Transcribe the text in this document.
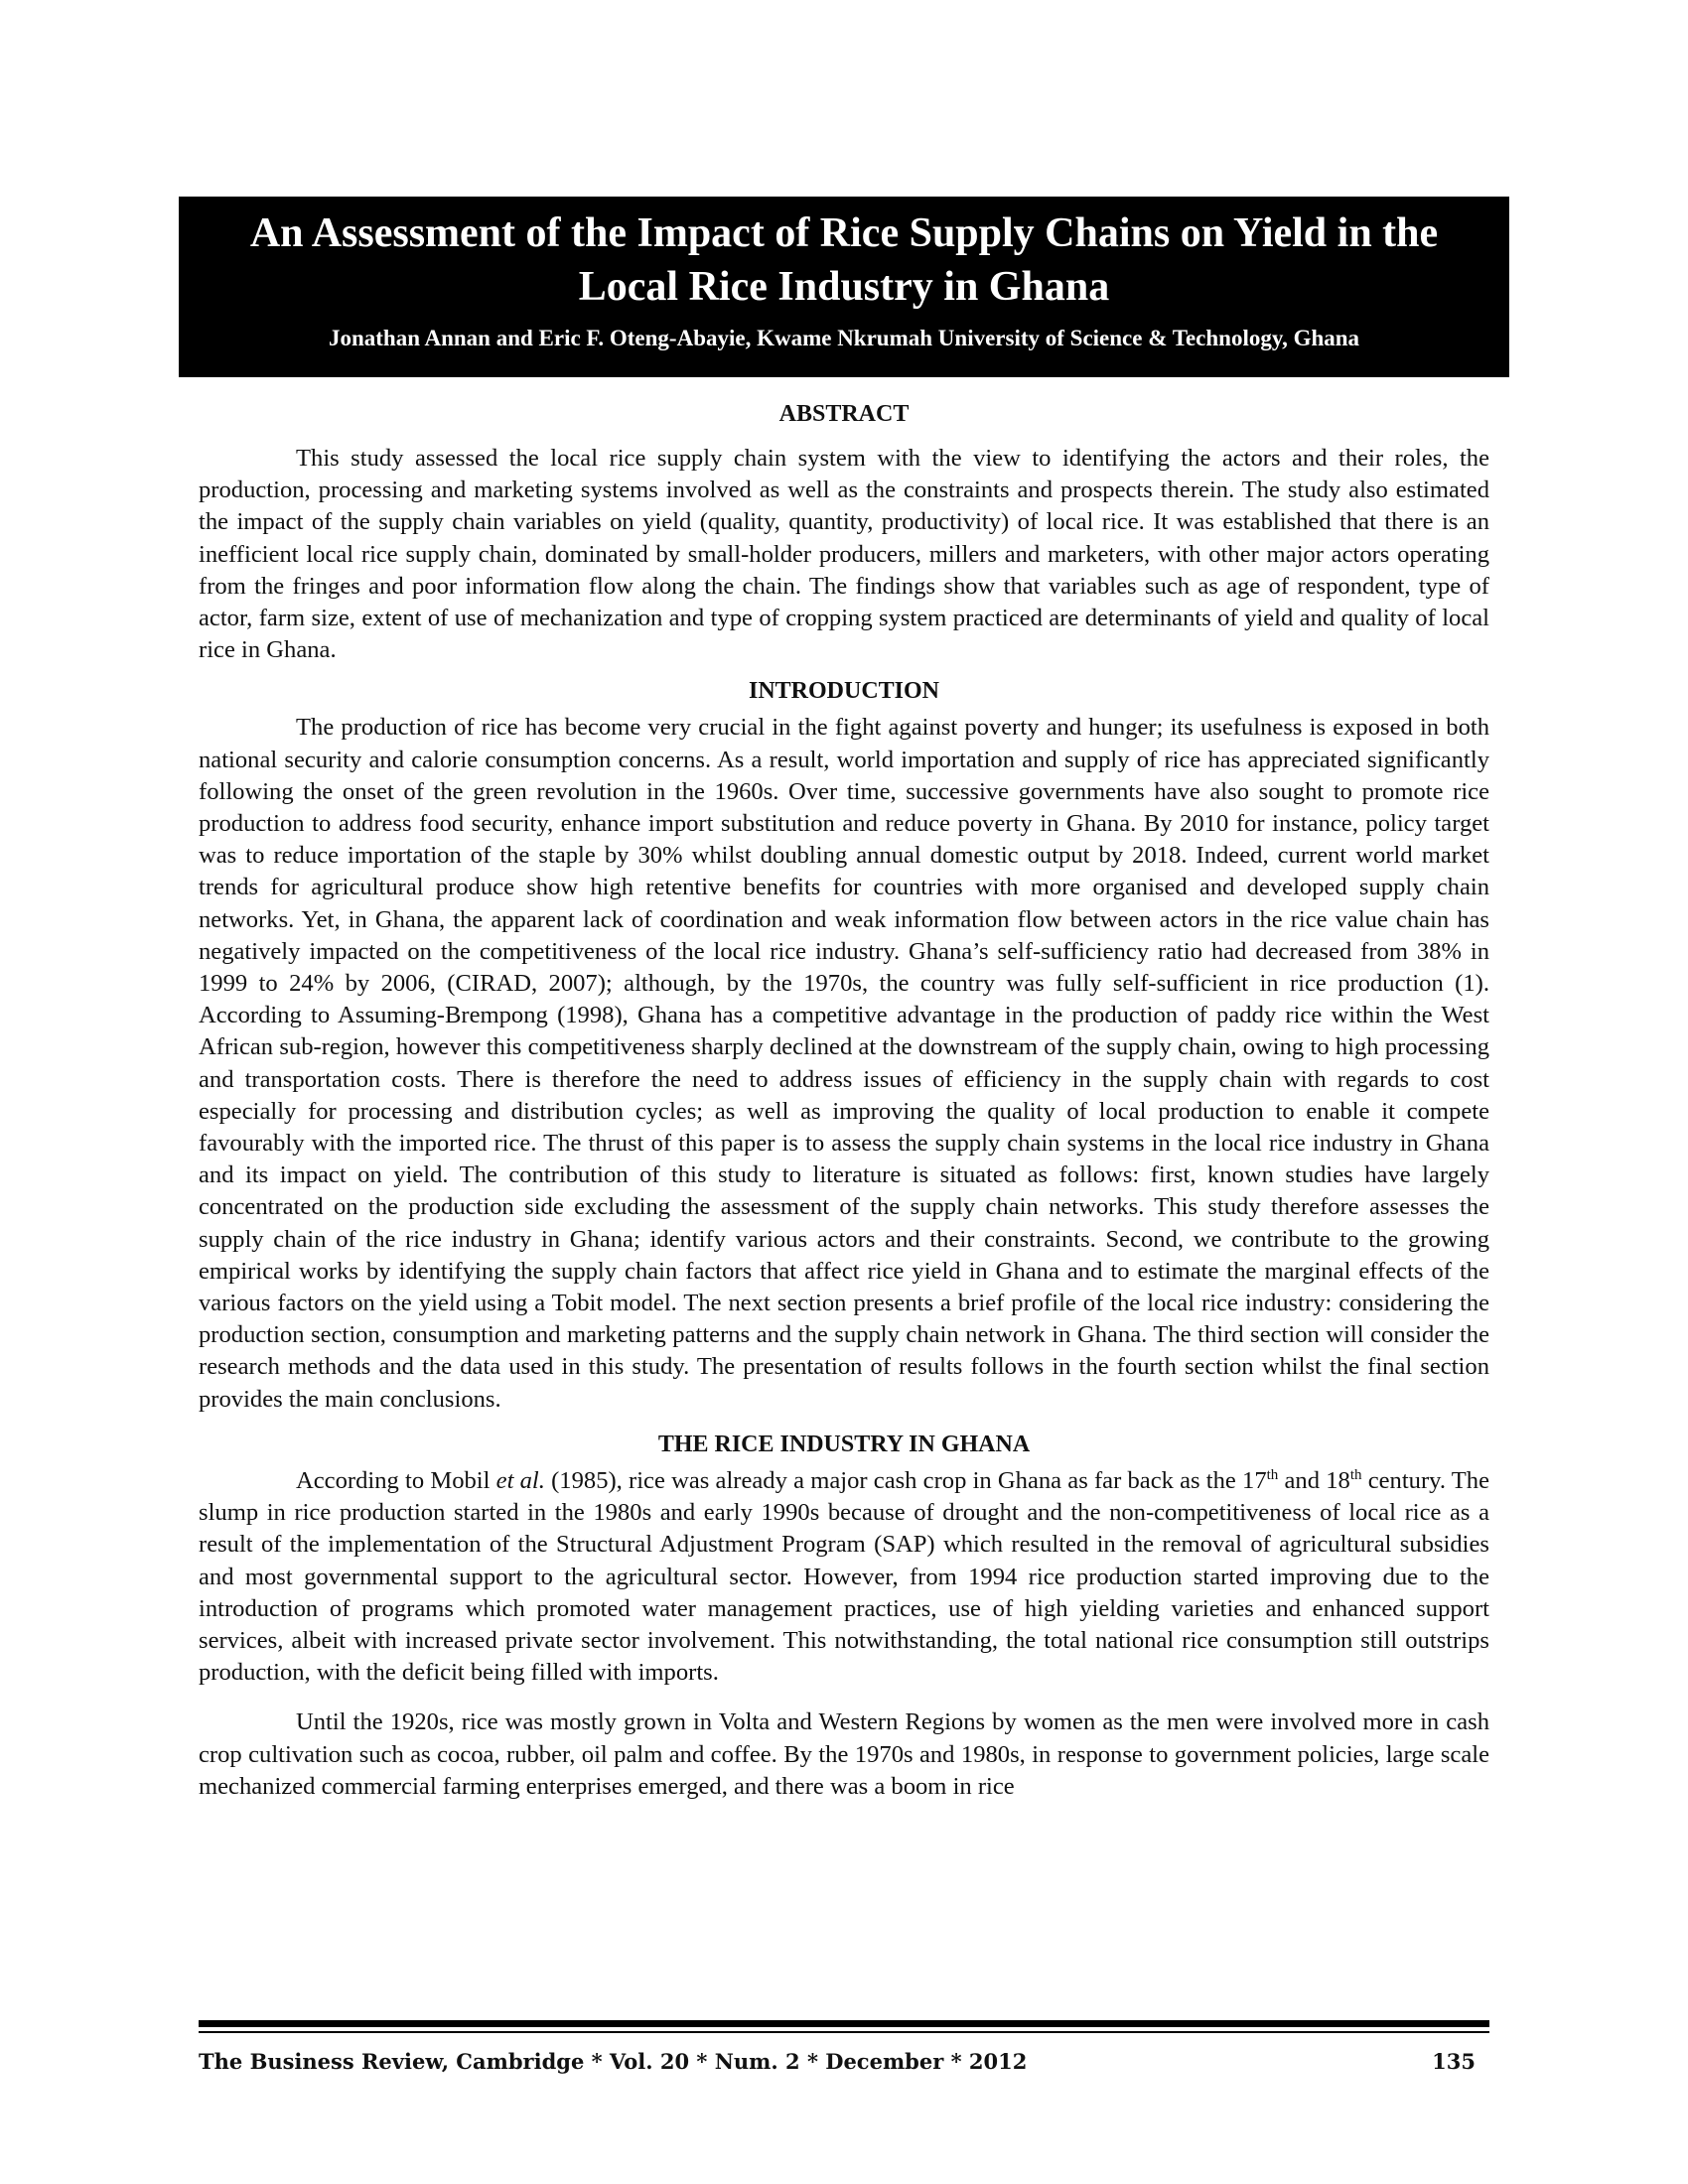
An Assessment of the Impact of Rice Supply Chains on Yield in the Local Rice Industry in Ghana
Jonathan Annan and Eric F. Oteng-Abayie, Kwame Nkrumah University of Science & Technology, Ghana
ABSTRACT

This study assessed the local rice supply chain system with the view to identifying the actors and their roles, the production, processing and marketing systems involved as well as the constraints and prospects therein. The study also estimated the impact of the supply chain variables on yield (quality, quantity, productivity) of local rice. It was established that there is an inefficient local rice supply chain, dominated by small-holder producers, millers and marketers, with other major actors operating from the fringes and poor information flow along the chain. The findings show that variables such as age of respondent, type of actor, farm size, extent of use of mechanization and type of cropping system practiced are determinants of yield and quality of local rice in Ghana.

INTRODUCTION

The production of rice has become very crucial in the fight against poverty and hunger; its usefulness is exposed in both national security and calorie consumption concerns. As a result, world importation and supply of rice has appreciated significantly following the onset of the green revolution in the 1960s. Over time, successive governments have also sought to promote rice production to address food security, enhance import substitution and reduce poverty in Ghana. By 2010 for instance, policy target was to reduce importation of the staple by 30% whilst doubling annual domestic output by 2018. Indeed, current world market trends for agricultural produce show high retentive benefits for countries with more organised and developed supply chain networks. Yet, in Ghana, the apparent lack of coordination and weak information flow between actors in the rice value chain has negatively impacted on the competitiveness of the local rice industry. Ghana’s self-sufficiency ratio had decreased from 38% in 1999 to 24% by 2006, (CIRAD, 2007); although, by the 1970s, the country was fully self-sufficient in rice production (1). According to Assuming-Brempong (1998), Ghana has a competitive advantage in the production of paddy rice within the West African sub-region, however this competitiveness sharply declined at the downstream of the supply chain, owing to high processing and transportation costs. There is therefore the need to address issues of efficiency in the supply chain with regards to cost especially for processing and distribution cycles; as well as improving the quality of local production to enable it compete favourably with the imported rice. The thrust of this paper is to assess the supply chain systems in the local rice industry in Ghana and its impact on yield. The contribution of this study to literature is situated as follows: first, known studies have largely concentrated on the production side excluding the assessment of the supply chain networks. This study therefore assesses the supply chain of the rice industry in Ghana; identify various actors and their constraints. Second, we contribute to the growing empirical works by identifying the supply chain factors that affect rice yield in Ghana and to estimate the marginal effects of the various factors on the yield using a Tobit model. The next section presents a brief profile of the local rice industry: considering the production section, consumption and marketing patterns and the supply chain network in Ghana. The third section will consider the research methods and the data used in this study. The presentation of results follows in the fourth section whilst the final section provides the main conclusions.

THE RICE INDUSTRY IN GHANA

According to Mobil et al. (1985), rice was already a major cash crop in Ghana as far back as the 17th and 18th century. The slump in rice production started in the 1980s and early 1990s because of drought and the non-competitiveness of local rice as a result of the implementation of the Structural Adjustment Program (SAP) which resulted in the removal of agricultural subsidies and most governmental support to the agricultural sector. However, from 1994 rice production started improving due to the introduction of programs which promoted water management practices, use of high yielding varieties and enhanced support services, albeit with increased private sector involvement. This notwithstanding, the total national rice consumption still outstrips production, with the deficit being filled with imports.

Until the 1920s, rice was mostly grown in Volta and Western Regions by women as the men were involved more in cash crop cultivation such as cocoa, rubber, oil palm and coffee. By the 1970s and 1980s, in response to government policies, large scale mechanized commercial farming enterprises emerged, and there was a boom in rice

The Business Review, Cambridge * Vol. 20 * Num. 2 * December * 2012	135
